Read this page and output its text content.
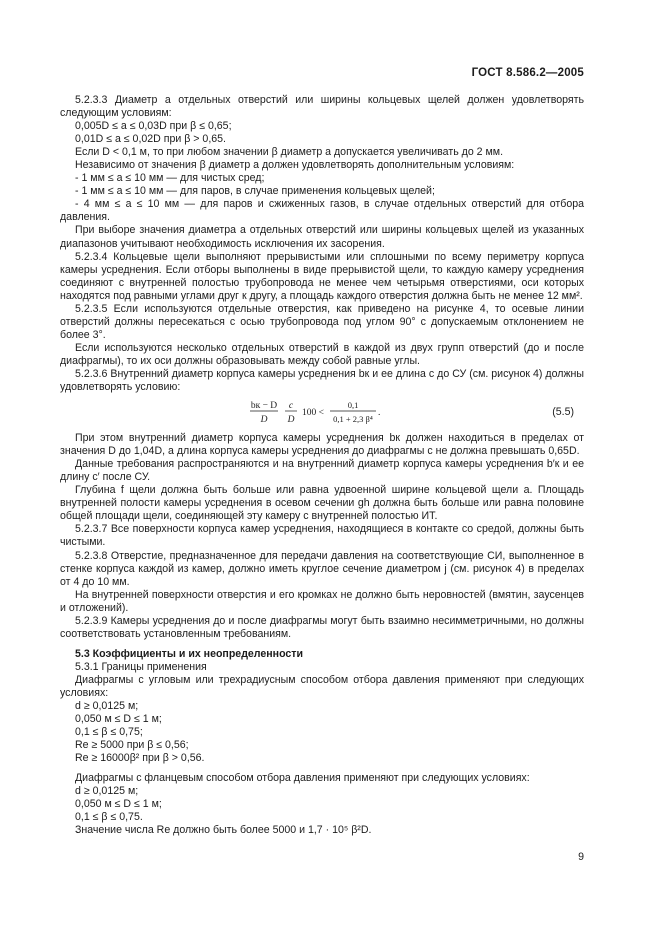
ГОСТ 8.586.2—2005

5.2.3.3 Диаметр a отдельных отверстий или ширины кольцевых щелей должен удовлетворять следующим условиям:

0,005D ≤ a ≤ 0,03D при β ≤ 0,65;

0,01D ≤ a ≤ 0,02D при β > 0,65.

Если D < 0,1 м, то при любом значении β диаметр a допускается увеличивать до 2 мм.

Независимо от значения β диаметр a должен удовлетворять дополнительным условиям:

- 1 мм ≤ a ≤ 10 мм — для чистых сред;

- 1 мм ≤ a ≤ 10 мм — для паров, в случае применения кольцевых щелей;

- 4 мм ≤ a ≤ 10 мм — для паров и сжиженных газов, в случае отдельных отверстий для отбора давления.

При выборе значения диаметра a отдельных отверстий или ширины кольцевых щелей из указанных диапазонов учитывают необходимость исключения их засорения.

5.2.3.4 Кольцевые щели выполняют прерывистыми или сплошными по всему периметру корпуса камеры усреднения. Если отборы выполнены в виде прерывистой щели, то каждую камеру усреднения соединяют с внутренней полостью трубопровода не менее чем четырьмя отверстиями, оси которых находятся под равными углами друг к другу, а площадь каждого отверстия должна быть не менее 12 мм².

5.2.3.5 Если используются отдельные отверстия, как приведено на рисунке 4, то осевые линии отверстий должны пересекаться с осью трубопровода под углом 90° с допускаемым отклонением не более 3°.

Если используются несколько отдельных отверстий в каждой из двух групп отверстий (до и после диафрагмы), то их оси должны образовывать между собой равные углы.

5.2.3.6 Внутренний диаметр корпуса камеры усреднения bк и ее длина c до СУ (см. рисунок 4) должны удовлетворять условию:

bк − D
D
c
D
100 <
0,1
0,1 + 2,3 β⁴
.	(5.5)

При этом внутренний диаметр корпуса камеры усреднения bк должен находиться в пределах от значения D до 1,04D, а длина корпуса камеры усреднения до диафрагмы c не должна превышать 0,65D.

Данные требования распространяются и на внутренний диаметр корпуса камеры усреднения b′к и ее длину c′ после СУ.

Глубина f щели должна быть больше или равна удвоенной ширине кольцевой щели a. Площадь внутренней полости камеры усреднения в осевом сечении gh должна быть больше или равна половине общей площади щели, соединяющей эту камеру с внутренней полостью ИТ.

5.2.3.7 Все поверхности корпуса камер усреднения, находящиеся в контакте со средой, должны быть чистыми.

5.2.3.8 Отверстие, предназначенное для передачи давления на соответствующие СИ, выполненное в стенке корпуса каждой из камер, должно иметь круглое сечение диаметром j (см. рисунок 4) в пределах от 4 до 10 мм.

На внутренней поверхности отверстия и его кромках не должно быть неровностей (вмятин, заусенцев и отложений).

5.2.3.9 Камеры усреднения до и после диафрагмы могут быть взаимно несимметричными, но должны соответствовать установленным требованиям.

5.3 Коэффициенты и их неопределенности

5.3.1 Границы применения

Диафрагмы с угловым или трехрадиусным способом отбора давления применяют при следующих условиях:

d ≥ 0,0125 м;

0,050 м ≤ D ≤ 1 м;

0,1 ≤ β ≤ 0,75;

Re ≥ 5000 при β ≤ 0,56;

Re ≥ 16000β² при β > 0,56.

Диафрагмы с фланцевым способом отбора давления применяют при следующих условиях:

d ≥ 0,0125 м;

0,050 м ≤ D ≤ 1 м;

0,1 ≤ β ≤ 0,75.

Значение числа Re должно быть более 5000 и 1,7 · 10⁵ β²D.

9
